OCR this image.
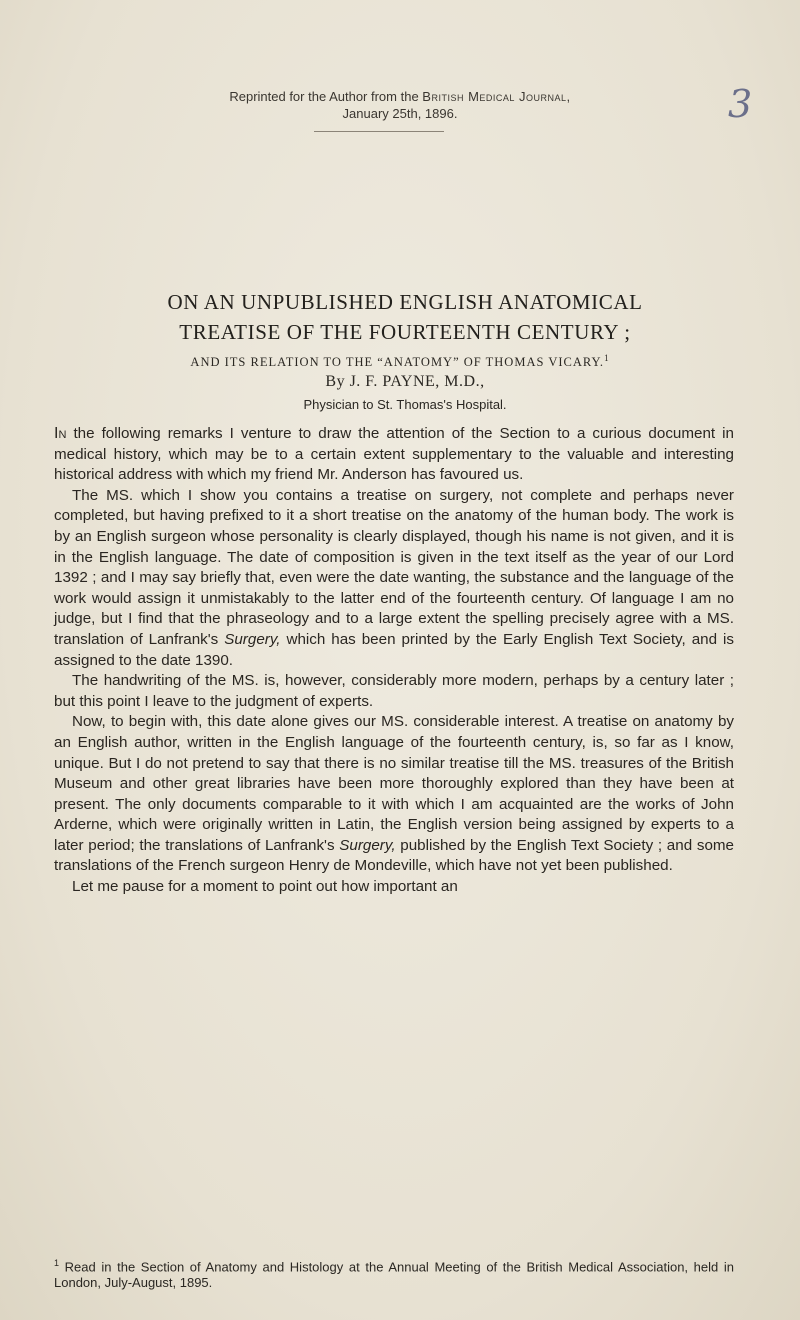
Reprinted for the Author from the British Medical Journal,
January 25th, 1896.	3
ON AN UNPUBLISHED ENGLISH ANATOMICAL
TREATISE OF THE FOURTEENTH CENTURY ;
AND ITS RELATION TO THE “ANATOMY” OF THOMAS VICARY.$^1$
By J. F. PAYNE, M.D.,
Physician to St. Thomas's Hospital.

In the following remarks I venture to draw the attention of the Section to a curious document in medical history, which may be to a certain extent supplementary to the valuable and interesting historical address with which my friend Mr. Anderson has favoured us.

The MS. which I show you contains a treatise on surgery, not complete and perhaps never completed, but having prefixed to it a short treatise on the anatomy of the human body. The work is by an English surgeon whose personality is clearly displayed, though his name is not given, and it is in the English language. The date of composition is given in the text itself as the year of our Lord 1392 ; and I may say briefly that, even were the date wanting, the substance and the language of the work would assign it unmistakably to the latter end of the fourteenth century. Of language I am no judge, but I find that the phraseology and to a large extent the spelling precisely agree with a MS. translation of Lanfrank's Surgery, which has been printed by the Early English Text Society, and is assigned to the date 1390.

The handwriting of the MS. is, however, considerably more modern, perhaps by a century later ; but this point I leave to the judgment of experts.

Now, to begin with, this date alone gives our MS. considerable interest. A treatise on anatomy by an English author, written in the English language of the fourteenth century, is, so far as I know, unique. But I do not pretend to say that there is no similar treatise till the MS. treasures of the British Museum and other great libraries have been more thoroughly explored than they have been at present. The only documents comparable to it with which I am acquainted are the works of John Arderne, which were originally written in Latin, the English version being assigned by experts to a later period; the translations of Lanfrank's Surgery, published by the English Text Society ; and some translations of the French surgeon Henry de Mondeville, which have not yet been published.

Let me pause for a moment to point out how important an

$^1$ Read in the Section of Anatomy and Histology at the Annual Meeting of the British Medical Association, held in London, July-August, 1895.
